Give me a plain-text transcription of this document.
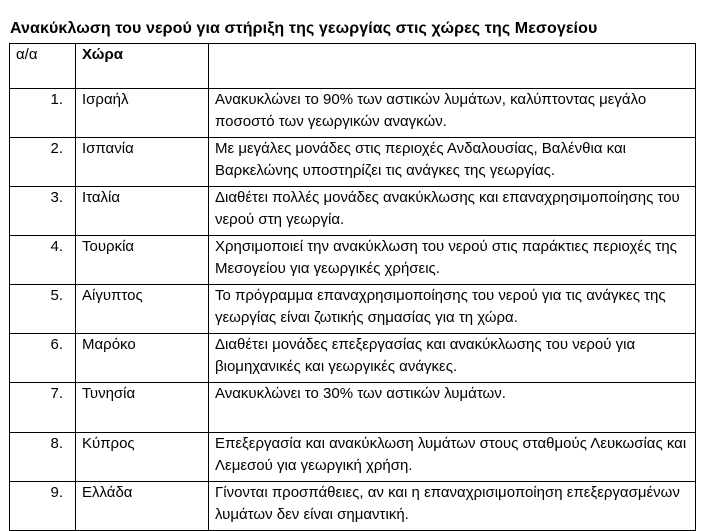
Ανακύκλωση του νερού για στήριξη της γεωργίας στις χώρες της Μεσογείου
α/α	Χώρα	
1.	Ισραήλ	Ανακυκλώνει το 90% των αστικών λυμάτων, καλύπτοντας μεγάλο ποσοστό των γεωργικών αναγκών.
2.	Ισπανία	Με μεγάλες μονάδες στις περιοχές Ανδαλουσίας, Βαλένθια και Βαρκελώνης υποστηρίζει τις ανάγκες της γεωργίας.
3.	Ιταλία	Διαθέτει πολλές μονάδες ανακύκλωσης και επαναχρησιμοποίησης του νερού στη γεωργία.
4.	Τουρκία	Χρησιμοποιεί την ανακύκλωση του νερού στις παράκτιες περιοχές της Μεσογείου για γεωργικές χρήσεις.
5.	Αίγυπτος	Το πρόγραμμα επαναχρησιμοποίησης του νερού για τις ανάγκες της γεωργίας είναι ζωτικής σημασίας για τη χώρα.
6.	Μαρόκο	Διαθέτει μονάδες επεξεργασίας και ανακύκλωσης του νερού για βιομηχανικές και γεωργικές ανάγκες.
7.	Τυνησία	Ανακυκλώνει το 30% των αστικών λυμάτων.
8.	Κύπρος	Επεξεργασία και ανακύκλωση λυμάτων στους σταθμούς Λευκωσίας και Λεμεσού για γεωργική χρήση.
9.	Ελλάδα	Γίνονται προσπάθειες, αν και η επαναχρισιμοποίηση επεξεργασμένων λυμάτων δεν είναι σημαντική.
